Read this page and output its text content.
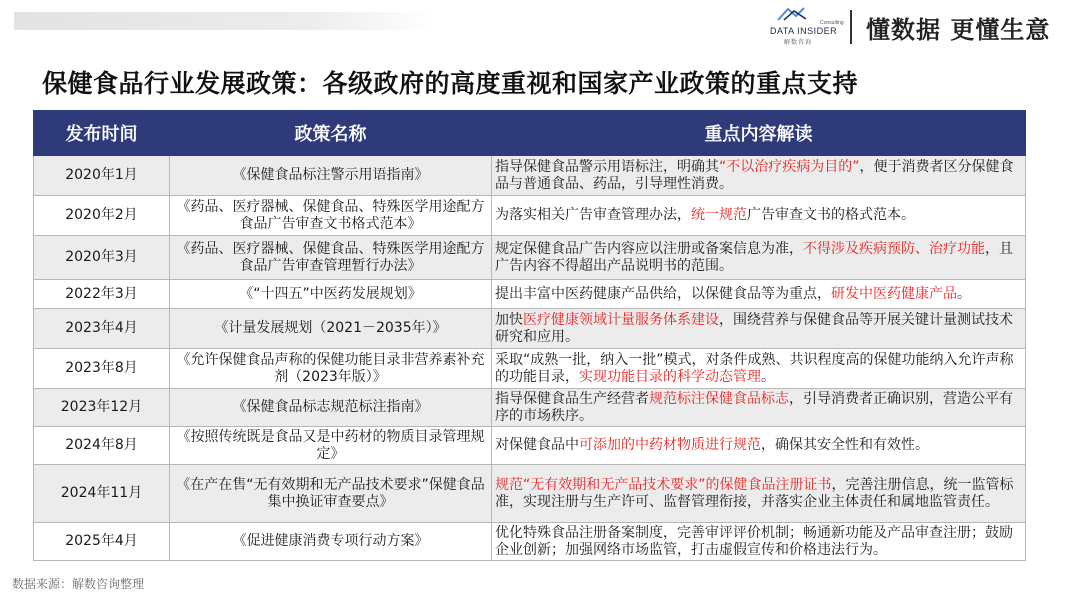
Consulting
DATA INSIDER
解数咨询 懂数据 更懂生意
保健食品行业发展政策：各级政府的高度重视和国家产业政策的重点支持
发布时间	政策名称	重点内容解读
2020年1月	《保健食品标注警示用语指南》	指导保健食品警示用语标注，明确其“不以治疗疾病为目的”，便于消费者区分保健食品与普通食品、药品，引导理性消费。
2020年2月	《药品、医疗器械、保健食品、特殊医学用途配方食品广告审查文书格式范本》	为落实相关广告审查管理办法，统一规范广告审查文书的格式范本。
2020年3月	《药品、医疗器械、保健食品、特殊医学用途配方食品广告审查管理暂行办法》	规定保健食品广告内容应以注册或备案信息为准，不得涉及疾病预防、治疗功能，且广告内容不得超出产品说明书的范围。
2022年3月	《“十四五”中医药发展规划》	提出丰富中医药健康产品供给，以保健食品等为重点，研发中医药健康产品。
2023年4月	《计量发展规划（2021－2035年）》	加快医疗健康领域计量服务体系建设，围绕营养与保健食品等开展关键计量测试技术研究和应用。
2023年8月	《允许保健食品声称的保健功能目录非营养素补充剂（2023年版）》	采取“成熟一批，纳入一批”模式，对条件成熟、共识程度高的保健功能纳入允许声称的功能目录，实现功能目录的科学动态管理。
2023年12月	《保健食品标志规范标注指南》	指导保健食品生产经营者规范标注保健食品标志，引导消费者正确识别，营造公平有序的市场秩序。
2024年8月	《按照传统既是食品又是中药材的物质目录管理规定》	对保健食品中可添加的中药材物质进行规范，确保其安全性和有效性。
2024年11月	《在产在售“无有效期和无产品技术要求”保健食品集中换证审查要点》	规范“无有效期和无产品技术要求”的保健食品注册证书，完善注册信息，统一监管标准，实现注册与生产许可、监督管理衔接，并落实企业主体责任和属地监管责任。
2025年4月	《促进健康消费专项行动方案》	优化特殊食品注册备案制度，完善审评评价机制；畅通新功能及产品审查注册；鼓励企业创新；加强网络市场监管，打击虚假宣传和价格违法行为。
数据来源：解数咨询整理
